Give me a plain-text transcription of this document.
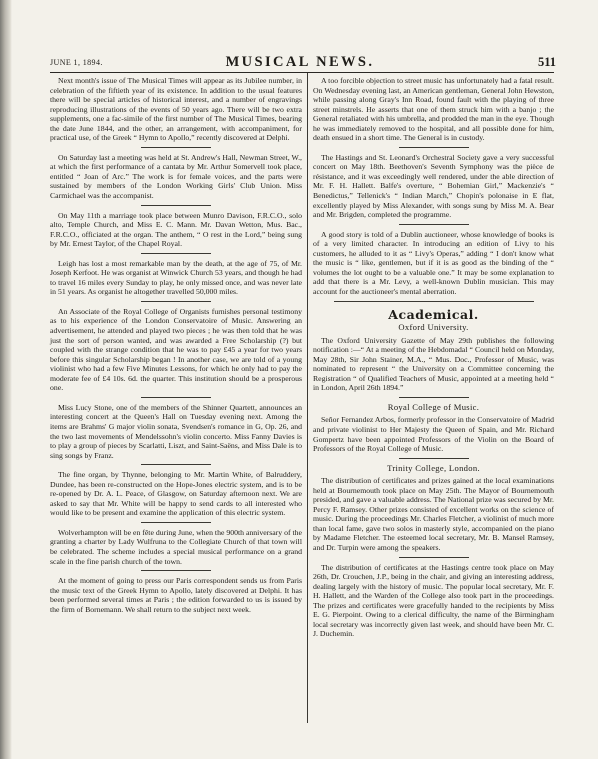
JUNE 1, 1894.	MUSICAL NEWS.	511

Next month's issue of The Musical Times will appear as its Jubilee number, in celebration of the fiftieth year of its existence. In addition to the usual features there will be special articles of historical interest, and a number of engravings reproducing illustrations of the events of 50 years ago. There will be two extra supplements, one a fac-simile of the first number of The Musical Times, bearing the date June 1844, and the other, an arrangement, with accompaniment, for practical use, of the Greek “ Hymn to Apollo,” recently discovered at Delphi.

On Saturday last a meeting was held at St. Andrew's Hall, Newman Street, W., at which the first performance of a cantata by Mr. Arthur Somervell took place, entitled “ Joan of Arc.” The work is for female voices, and the parts were sustained by members of the London Working Girls' Club Union. Miss Carmichael was the accompanist.

On May 11th a marriage took place between Munro Davison, F.R.C.O., solo alto, Temple Church, and Miss E. C. Mann. Mr. Davan Wetton, Mus. Bac., F.R.C.O., officiated at the organ. The anthem, “ O rest in the Lord,” being sung by Mr. Ernest Taylor, of the Chapel Royal.

Leigh has lost a most remarkable man by the death, at the age of 75, of Mr. Joseph Kerfoot. He was organist at Winwick Church 53 years, and though he had to travel 16 miles every Sunday to play, he only missed once, and was never late in 51 years. As organist he altogether travelled 50,000 miles.

An Associate of the Royal College of Organists furnishes personal testimony as to his experience of the London Conservatoire of Music. Answering an advertisement, he attended and played two pieces ; he was then told that he was just the sort of person wanted, and was awarded a Free Scholarship (?) but coupled with the strange condition that he was to pay £45 a year for two years before this singular Scholarship began ! In another case, we are told of a young violinist who had a few Five Minutes Lessons, for which he only had to pay the moderate fee of £4 10s. 6d. the quarter. This institution should be a prosperous one.

Miss Lucy Stone, one of the members of the Shinner Quartett, announces an interesting concert at the Queen's Hall on Tuesday evening next. Among the items are Brahms' G major violin sonata, Svendsen's romance in G, Op. 26, and the two last movements of Mendelssohn's violin concerto. Miss Fanny Davies is to play a group of pieces by Scarlatti, Liszt, and Saint-Saëns, and Miss Dale is to sing songs by Franz.

The fine organ, by Thynne, belonging to Mr. Martin White, of Balruddery, Dundee, has been re-constructed on the Hope-Jones electric system, and is to be re-opened by Dr. A. L. Peace, of Glasgow, on Saturday afternoon next. We are asked to say that Mr. White will be happy to send cards to all interested who would like to be present and examine the application of this electric system.

Wolverhampton will be en fête during June, when the 900th anniversary of the granting a charter by Lady Wulfruna to the Collegiate Church of that town will be celebrated. The scheme includes a special musical performance on a grand scale in the fine parish church of the town.

At the moment of going to press our Paris correspondent sends us from Paris the music text of the Greek Hymn to Apollo, lately discovered at Delphi. It has been performed several times at Paris ; the edition forwarded to us is issued by the firm of Bornemann. We shall return to the subject next week.

A too forcible objection to street music has unfortunately had a fatal result. On Wednesday evening last, an American gentleman, General John Hewston, while passing along Gray's Inn Road, found fault with the playing of three street minstrels. He asserts that one of them struck him with a banjo ; the General retaliated with his umbrella, and prodded the man in the eye. Though he was immediately removed to the hospital, and all possible done for him, death ensued in a short time. The General is in custody.

The Hastings and St. Leonard's Orchestral Society gave a very successful concert on May 18th. Beethoven's Seventh Symphony was the pièce de résistance, and it was exceedingly well rendered, under the able direction of Mr. F. H. Hallett. Balfe's overture, “ Bohemian Girl,” Mackenzie's “ Benedictus,” Tellenick's “ Indian March,” Chopin's polonaise in E flat, excellently played by Miss Alexander, with songs sung by Miss M. A. Bear and Mr. Brigden, completed the programme.

A good story is told of a Dublin auctioneer, whose knowledge of books is of a very limited character. In introducing an edition of Livy to his customers, he alluded to it as “ Livy's Operas,” adding “ I don't know what the music is “ like, gentlemen, but if it is as good as the binding of the “ volumes the lot ought to be a valuable one.” It may be some explanation to add that there is a Mr. Levy, a well-known Dublin musician. This may account for the auctioneer's mental aberration.

Academical.
Oxford University.

The Oxford University Gazette of May 29th publishes the following notification :—“ At a meeting of the Hebdomadal “ Council held on Monday, May 28th, Sir John Stainer, M.A., “ Mus. Doc., Professor of Music, was nominated to represent “ the University on a Committee concerning the Registration “ of Qualified Teachers of Music, appointed at a meeting held “ in London, April 26th 1894.”

Royal College of Music.

Señor Fernandez Arbos, formerly professor in the Conservatoire of Madrid and private violinist to Her Majesty the Queen of Spain, and Mr. Richard Gompertz have been appointed Professors of the Violin on the Board of Professors of the Royal College of Music.

Trinity College, London.

The distribution of certificates and prizes gained at the local examinations held at Bournemouth took place on May 25th. The Mayor of Bournemouth presided, and gave a valuable address. The National prize was secured by Mr. Percy F. Ramsey. Other prizes consisted of excellent works on the science of music. During the proceedings Mr. Charles Fletcher, a violinist of much more than local fame, gave two solos in masterly style, accompanied on the piano by Madame Fletcher. The esteemed local secretary, Mr. B. Mansel Ramsey, and Dr. Turpin were among the speakers.

The distribution of certificates at the Hastings centre took place on May 26th, Dr. Crouchen, J.P., being in the chair, and giving an interesting address, dealing largely with the history of music. The popular local secretary, Mr. F. H. Hallett, and the Warden of the College also took part in the proceedings. The prizes and certificates were gracefully handed to the recipients by Miss E. G. Pierpoint. Owing to a clerical difficulty, the name of the Birmingham local secretary was incorrectly given last week, and should have been Mr. C. J. Duchemin.
